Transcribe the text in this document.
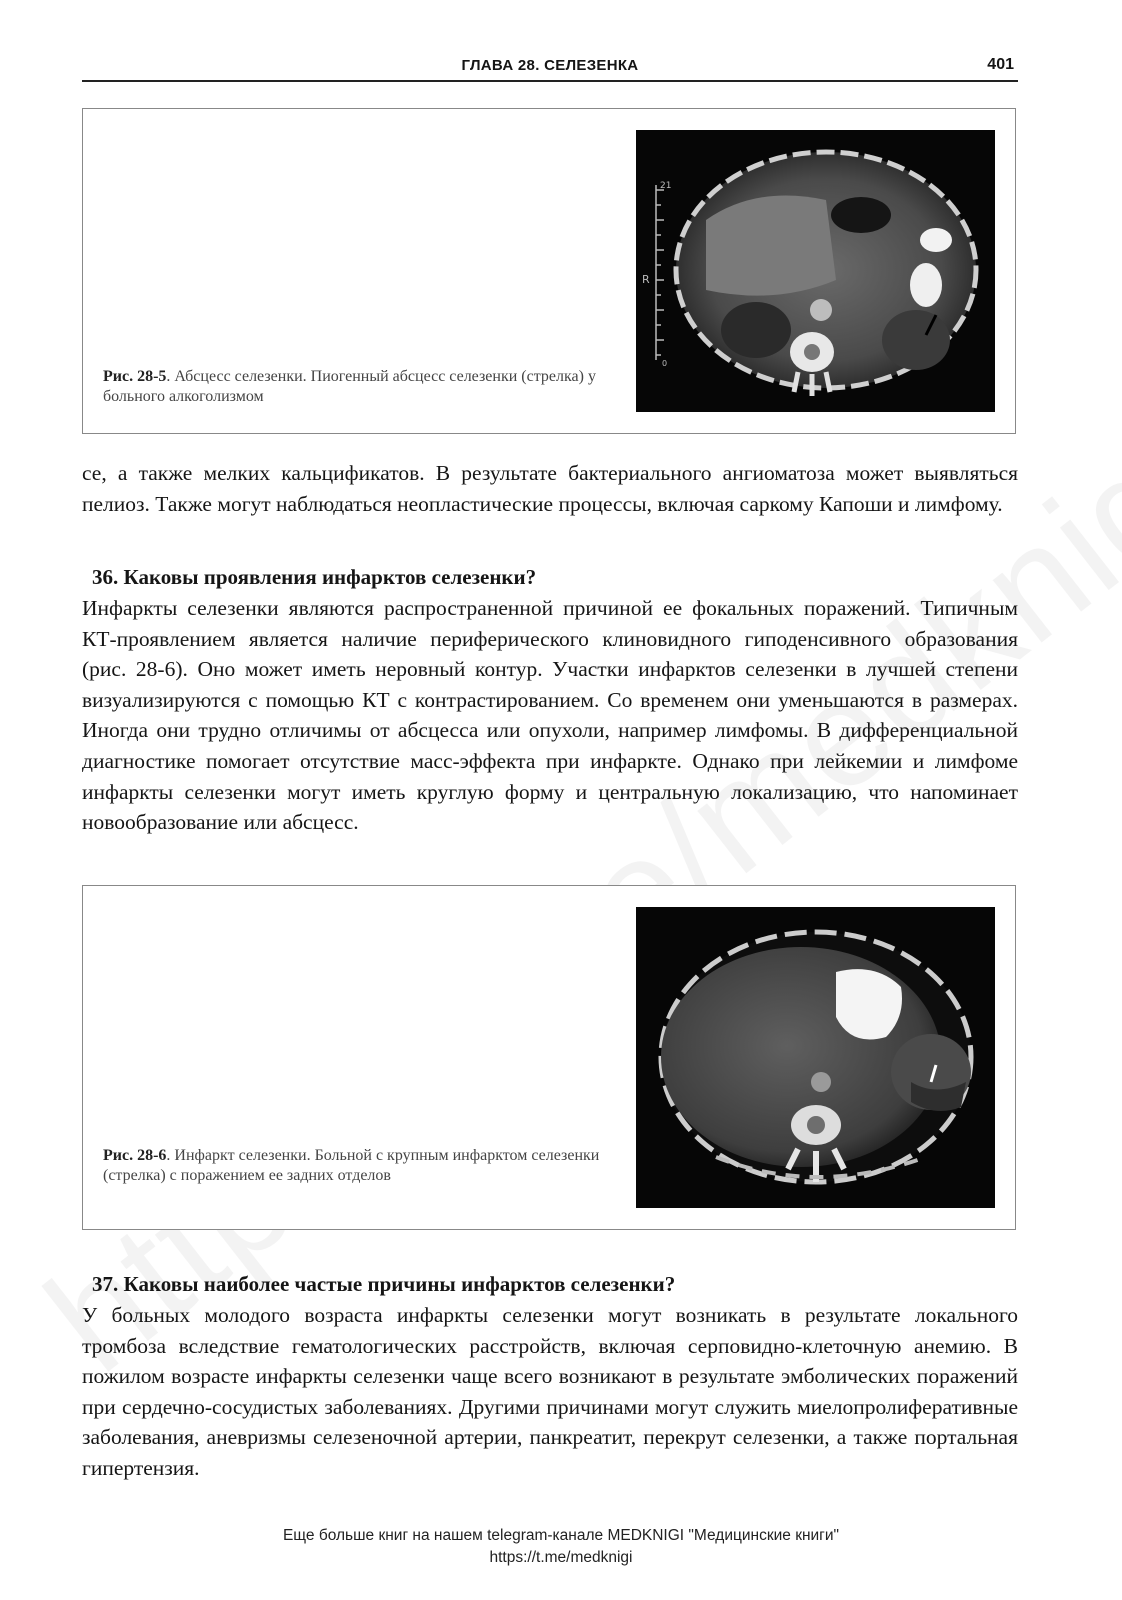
ГЛАВА 28. СЕЛЕЗЕНКА	401
Рис. 28-5. Абсцесс селезенки. Пиогенный абсцесс селезенки (стрелка) у больного алкоголизмом
21
R
0

се, а также мелких кальцификатов. В результате бактериального ангиоматоза может выявляться пелиоз. Также могут наблюдаться неопластические процессы, включая саркому Капоши и лимфому.

36. Каковы проявления инфарктов селезенки?

Инфаркты селезенки являются распространенной причиной ее фокальных поражений. Типичным КТ-проявлением является наличие периферического клиновидного гиподенсивного образования (рис. 28-6). Оно может иметь неровный контур. Участки инфарктов селезенки в лучшей степени визуализируются с помощью КТ с контрастированием. Со временем они уменьшаются в размерах. Иногда они трудно отличимы от абсцесса или опухоли, например лимфомы. В дифференциальной диагностике помогает отсутствие масс-эффекта при инфаркте. Однако при лейкемии и лимфоме инфаркты селезенки могут иметь круглую форму и центральную локализацию, что напоминает новообразование или абсцесс.

Рис. 28-6. Инфаркт селезенки. Больной с крупным инфарктом селезенки (стрелка) с поражением ее задних отделов
37. Каковы наиболее частые причины инфарктов селезенки?

У больных молодого возраста инфаркты селезенки могут возникать в результате локального тромбоза вследствие гематологических расстройств, включая серповидно-клеточную анемию. В пожилом возрасте инфаркты селезенки чаще всего возникают в результате эмболических поражений при сердечно-сосудистых заболеваниях. Другими причинами могут служить миелопролиферативные заболевания, аневризмы селезеночной артерии, панкреатит, перекрут селезенки, а также портальная гипертензия.

Еще больше книг на нашем telegram-канале MEDKNIGI "Медицинские книги"
https://t.me/medknigi
